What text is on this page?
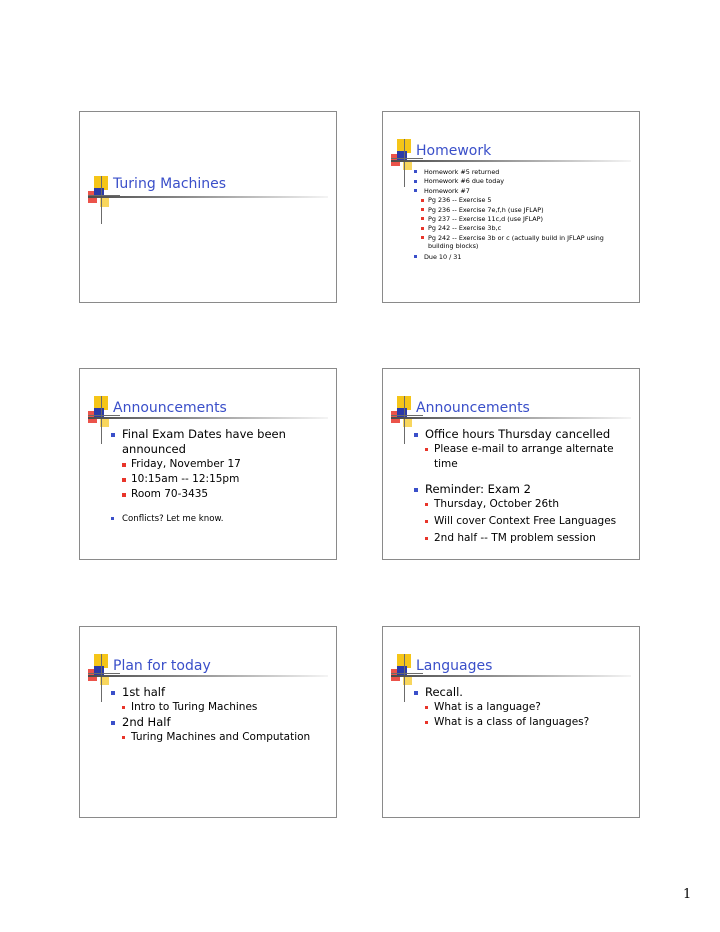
Turing Machines
Homework
Homework #5 returned
Homework #6 due today
Homework #7
Pg 236 -- Exercise 5
Pg 236 -- Exercise 7e,f,h (use JFLAP)
Pg 237 -- Exercise 11c,d (use JFLAP)
Pg 242 -- Exercise 3b,c
Pg 242 -- Exercise 3b or c (actually build in JFLAP using building blocks)
Due 10 / 31
Announcements
Final Exam Dates have been announced
Friday, November 17
10:15am -- 12:15pm
Room 70-3435
Conflicts? Let me know.
Announcements
Office hours Thursday cancelled
Please e-mail to arrange alternate time
Reminder: Exam 2
Thursday, October 26th
Will cover Context Free Languages
2nd half -- TM problem session
Plan for today
1st half
Intro to Turing Machines
2nd Half
Turing Machines and Computation
Languages
Recall.
What is a language?
What is a class of languages?
1
